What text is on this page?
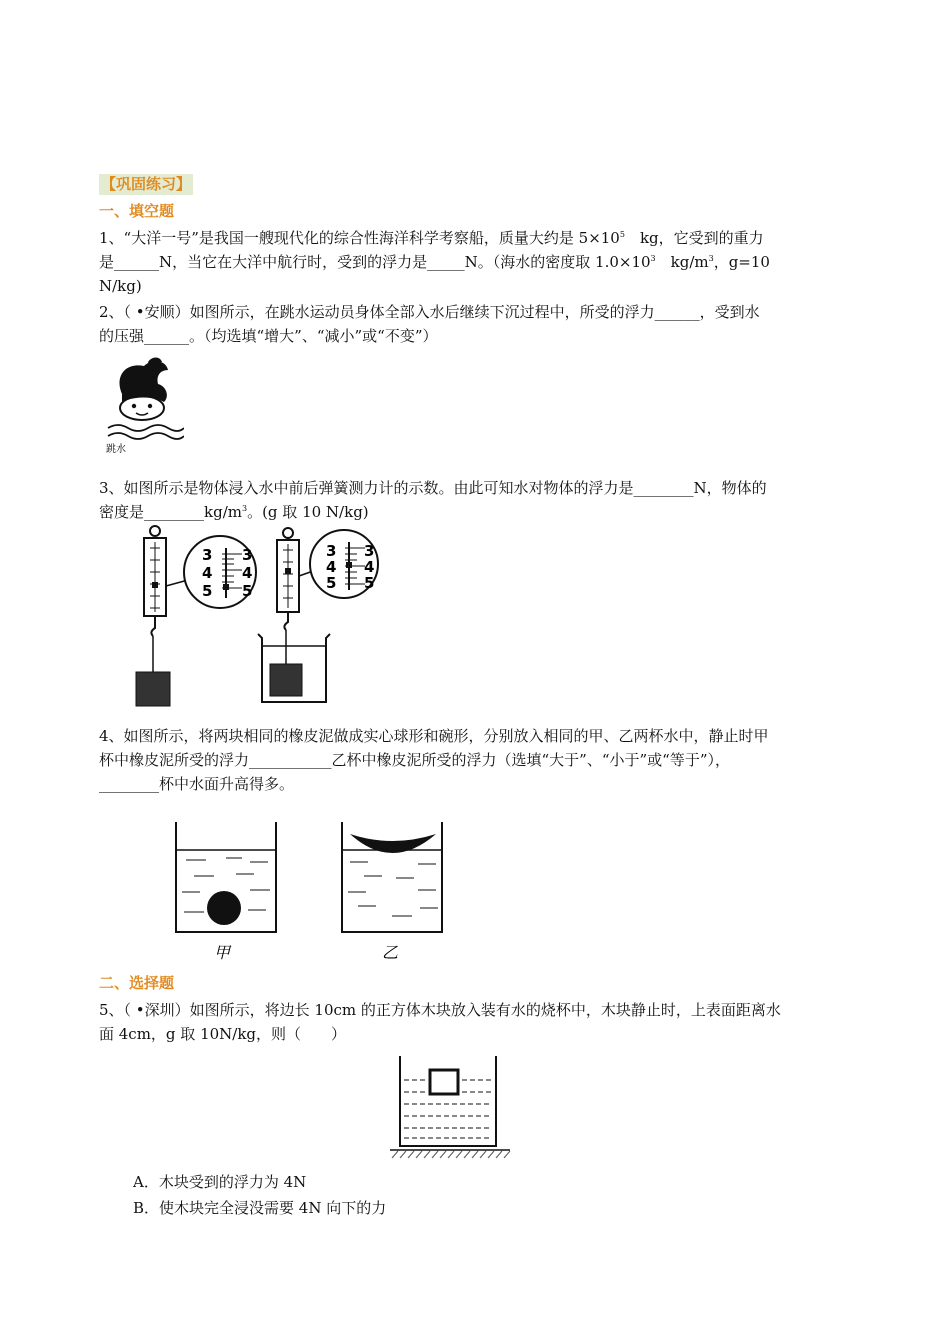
【巩固练习】
一、填空题
1、“大洋一号”是我国一艘现代化的综合性海洋科学考察船，质量大约是 $5\times 10^5$　kg，它受到的重力
是______N，当它在大洋中航行时，受到的浮力是_____N。（海水的密度取 $1.0\times 10^3$　$kg/m^3$，g=10
N/kg)
2、（ •安顺）如图所示，在跳水运动员身体全部入水后继续下沉过程中，所受的浮力______，受到水
的压强______。（均选填“增大”、“减小”或“不变”）
跳水
3、如图所示是物体浸入水中前后弹簧测力计的示数。由此可知水对物体的浮力是________N，物体的
密度是$\_\_\_\_\_\_\_\_kg/m^3$。(g 取 10 N/kg)
3
4
5
3
4
5
3
4
5
3
4
5
4、如图所示，将两块相同的橡皮泥做成实心球形和碗形，分别放入相同的甲、乙两杯水中，静止时甲
杯中橡皮泥所受的浮力___________乙杯中橡皮泥所受的浮力（选填“大于”、“小于”或“等于”），
________杯中水面升高得多。
甲	乙
二、选择题
5、（ •深圳）如图所示，将边长 10cm 的正方体木块放入装有水的烧杯中，木块静止时，上表面距离水
面 4cm，g 取 10N/kg，则（　　）
A．木块受到的浮力为 4N
B．使木块完全浸没需要 4N 向下的力
